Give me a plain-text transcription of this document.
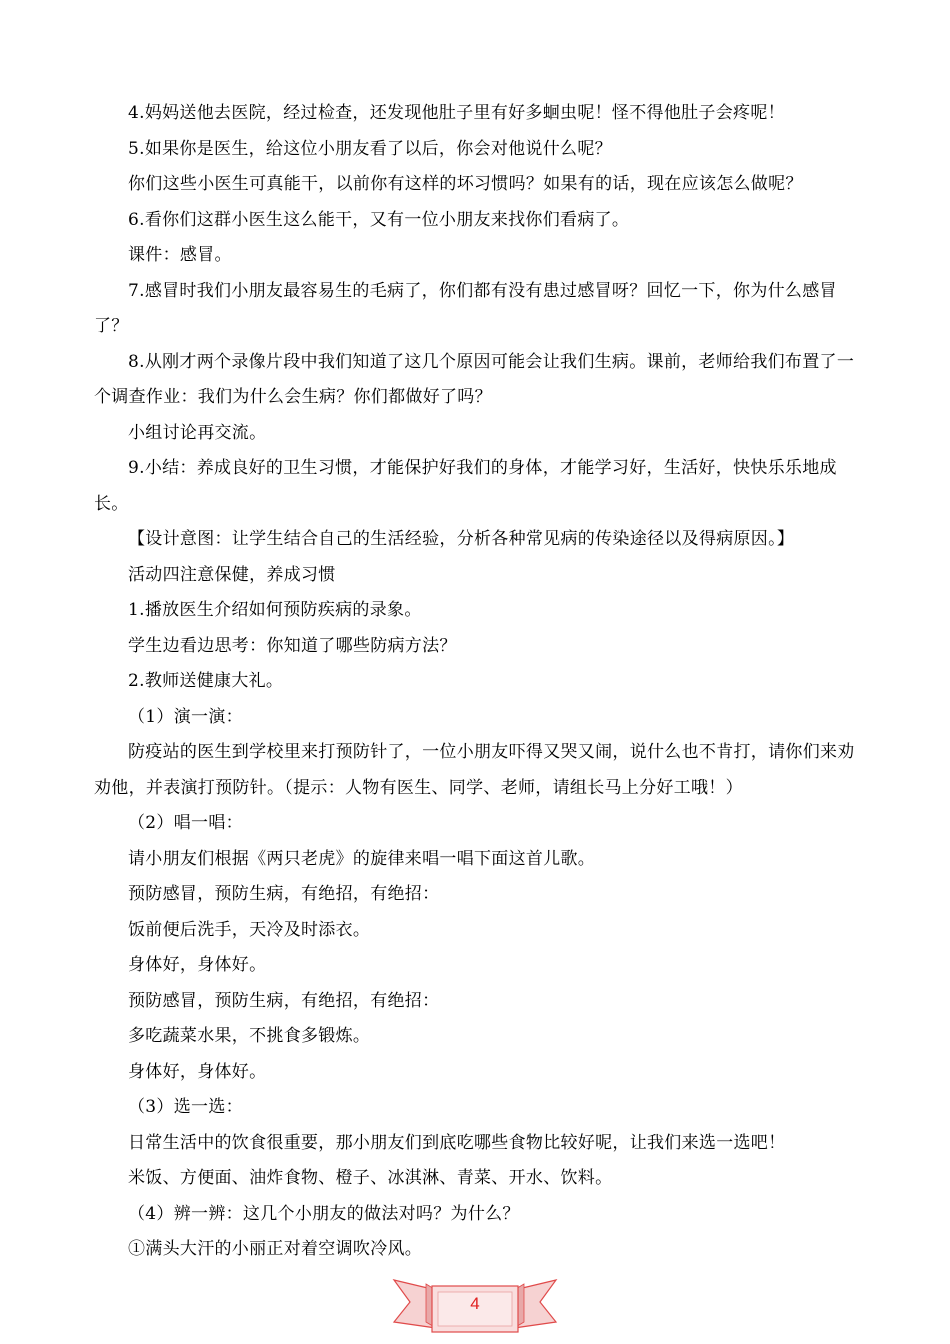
4.妈妈送他去医院，经过检查，还发现他肚子里有好多蛔虫呢！怪不得他肚子会疼呢！

5.如果你是医生，给这位小朋友看了以后，你会对他说什么呢？

你们这些小医生可真能干，以前你有这样的坏习惯吗？如果有的话，现在应该怎么做呢？

6.看你们这群小医生这么能干，又有一位小朋友来找你们看病了。

课件：感冒。

7.感冒时我们小朋友最容易生的毛病了，你们都有没有患过感冒呀？回忆一下，你为什么感冒了？

8.从刚才两个录像片段中我们知道了这几个原因可能会让我们生病。课前，老师给我们布置了一个调查作业：我们为什么会生病？你们都做好了吗？

小组讨论再交流。

9.小结：养成良好的卫生习惯，才能保护好我们的身体，才能学习好，生活好，快快乐乐地成长。

【设计意图：让学生结合自己的生活经验，分析各种常见病的传染途径以及得病原因。】

活动四注意保健，养成习惯

1.播放医生介绍如何预防疾病的录象。

学生边看边思考：你知道了哪些防病方法？

2.教师送健康大礼。

（1）演一演：

防疫站的医生到学校里来打预防针了，一位小朋友吓得又哭又闹，说什么也不肯打，请你们来劝劝他，并表演打预防针。（提示：人物有医生、同学、老师，请组长马上分好工哦！）

（2）唱一唱：

请小朋友们根据《两只老虎》的旋律来唱一唱下面这首儿歌。

预防感冒，预防生病，有绝招，有绝招：

饭前便后洗手，天冷及时添衣。

身体好，身体好。

预防感冒，预防生病，有绝招，有绝招：

多吃蔬菜水果，不挑食多锻炼。

身体好，身体好。

（3）选一选：

日常生活中的饮食很重要，那小朋友们到底吃哪些食物比较好呢，让我们来选一选吧！

米饭、方便面、油炸食物、橙子、冰淇淋、青菜、开水、饮料。

（4）辨一辨：这几个小朋友的做法对吗？为什么？

①满头大汗的小丽正对着空调吹冷风。

4
